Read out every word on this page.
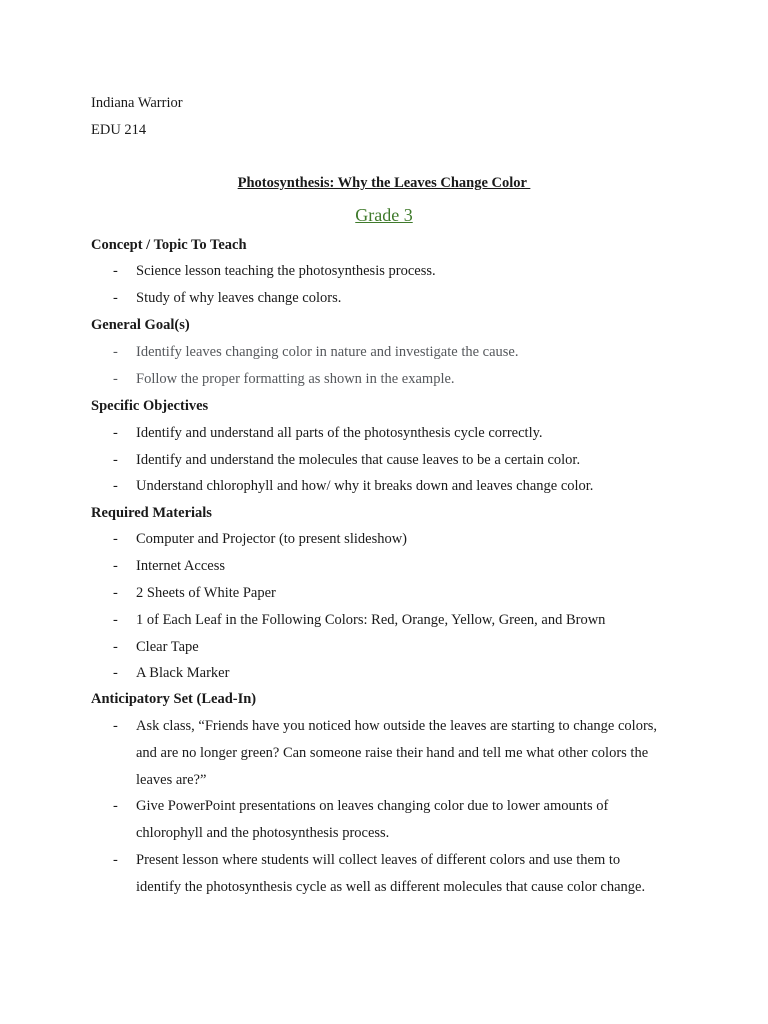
Indiana Warrior
EDU 214
Photosynthesis: Why the Leaves Change Color
Grade 3
Concept / Topic To Teach
- Science lesson teaching the photosynthesis process.
- Study of why leaves change colors.
General Goal(s)
- Identify leaves changing color in nature and investigate the cause.
- Follow the proper formatting as shown in the example.
Specific Objectives
- Identify and understand all parts of the photosynthesis cycle correctly.
- Identify and understand the molecules that cause leaves to be a certain color.
- Understand chlorophyll and how/ why it breaks down and leaves change color.
Required Materials
- Computer and Projector (to present slideshow)
- Internet Access
- 2 Sheets of White Paper
- 1 of Each Leaf in the Following Colors: Red, Orange, Yellow, Green, and Brown
- Clear Tape
- A Black Marker
Anticipatory Set (Lead-In)
- Ask class, “Friends have you noticed how outside the leaves are starting to change colors,
and are no longer green? Can someone raise their hand and tell me what other colors the
leaves are?”
- Give PowerPoint presentations on leaves changing color due to lower amounts of
chlorophyll and the photosynthesis process.
- Present lesson where students will collect leaves of different colors and use them to
identify the photosynthesis cycle as well as different molecules that cause color change.
